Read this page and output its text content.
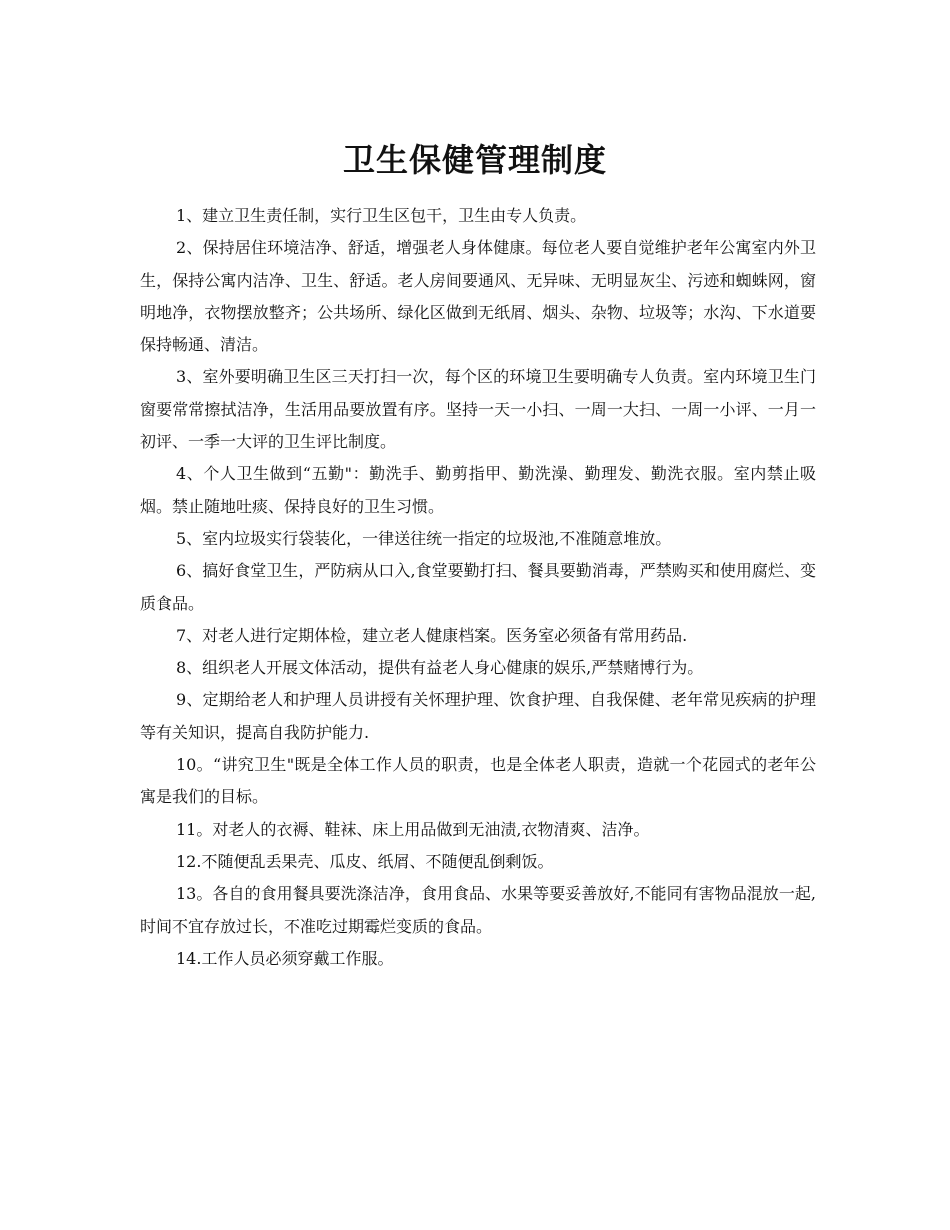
卫生保健管理制度

1、建立卫生责任制，实行卫生区包干，卫生由专人负责。

2、保持居住环境洁净、舒适，增强老人身体健康。每位老人要自觉维护老年公寓室内外卫生，保持公寓内洁净、卫生、舒适。老人房间要通风、无异味、无明显灰尘、污迹和蜘蛛网，窗明地净，衣物摆放整齐；公共场所、绿化区做到无纸屑、烟头、杂物、垃圾等；水沟、下水道要保持畅通、清洁。

3、室外要明确卫生区三天打扫一次，每个区的环境卫生要明确专人负责。室内环境卫生门窗要常常擦拭洁净，生活用品要放置有序。坚持一天一小扫、一周一大扫、一周一小评、一月一初评、一季一大评的卫生评比制度。

4、个人卫生做到“五勤"：勤洗手、勤剪指甲、勤洗澡、勤理发、勤洗衣服。室内禁止吸烟。禁止随地吐痰、保持良好的卫生习惯。

5、室内垃圾实行袋装化，一律送往统一指定的垃圾池,不准随意堆放。

6、搞好食堂卫生，严防病从口入,食堂要勤打扫、餐具要勤消毒，严禁购买和使用腐烂、变质食品。

7、对老人进行定期体检，建立老人健康档案。医务室必须备有常用药品.

8、组织老人开展文体活动，提供有益老人身心健康的娱乐,严禁赌博行为。

9、定期给老人和护理人员讲授有关怀理护理、饮食护理、自我保健、老年常见疾病的护理等有关知识，提高自我防护能力.

10。“讲究卫生"既是全体工作人员的职责，也是全体老人职责，造就一个花园式的老年公寓是我们的目标。

11。对老人的衣褥、鞋袜、床上用品做到无油渍,衣物清爽、洁净。

12.不随便乱丢果壳、瓜皮、纸屑、不随便乱倒剩饭。

13。各自的食用餐具要洗涤洁净，食用食品、水果等要妥善放好,不能同有害物品混放一起,时间不宜存放过长，不准吃过期霉烂变质的食品。

14.工作人员必须穿戴工作服。
